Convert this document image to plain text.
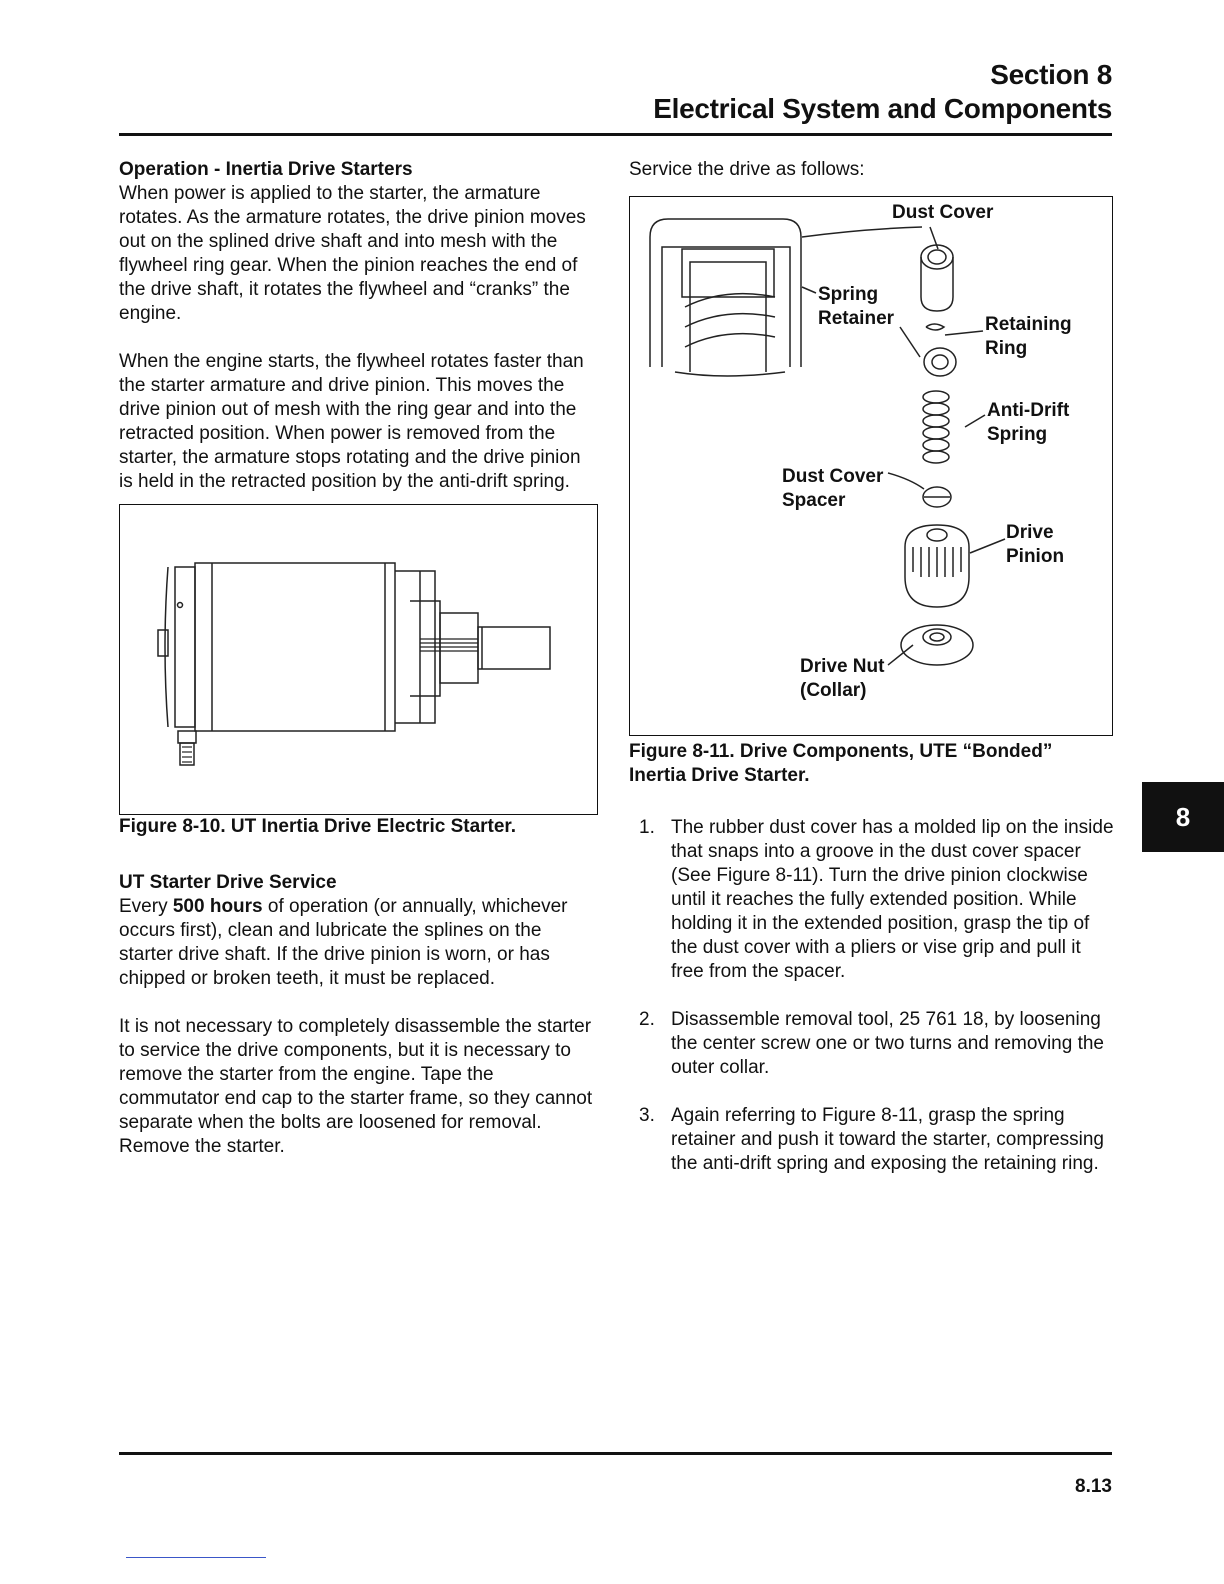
Section 8
Electrical System and Components
Operation - Inertia Drive Starters

When power is applied to the starter, the armature rotates. As the armature rotates, the drive pinion moves out on the splined drive shaft and into mesh with the flywheel ring gear. When the pinion reaches the end of the drive shaft, it rotates the flywheel and “cranks” the engine.

When the engine starts, the flywheel rotates faster than the starter armature and drive pinion. This moves the drive pinion out of mesh with the ring gear and into the retracted position. When power is removed from the starter, the armature stops rotating and the drive pinion is held in the retracted position by the anti-drift spring.

Figure 8-10. UT Inertia Drive Electric Starter.
UT Starter Drive Service

Every 500 hours of operation (or annually, whichever occurs first), clean and lubricate the splines on the starter drive shaft. If the drive pinion is worn, or has chipped or broken teeth, it must be replaced.

It is not necessary to completely disassemble the starter to service the drive components, but it is necessary to remove the starter from the engine. Tape the commutator end cap to the starter frame, so they cannot separate when the bolts are loosened for removal. Remove the starter.

Service the drive as follows:

Dust Cover
Spring
Retainer	Retaining
Ring
Anti-Drift
Spring
Dust Cover
Spacer
Drive
Pinion
Drive Nut
(Collar)
Figure 8-11. Drive Components, UTE “Bonded”
Inertia Drive Starter.
1. The rubber dust cover has a molded lip on the inside that snaps into a groove in the dust cover spacer (See Figure 8-11). Turn the drive pinion clockwise until it reaches the fully extended position. While holding it in the extended position, grasp the tip of the dust cover with a pliers or vise grip and pull it free from the spacer.
2. Disassemble removal tool, 25 761 18, by loosening the center screw one or two turns and removing the outer collar.
3. Again referring to Figure 8-11, grasp the spring retainer and push it toward the starter, compressing the anti-drift spring and exposing the retaining ring.
8
8.13
